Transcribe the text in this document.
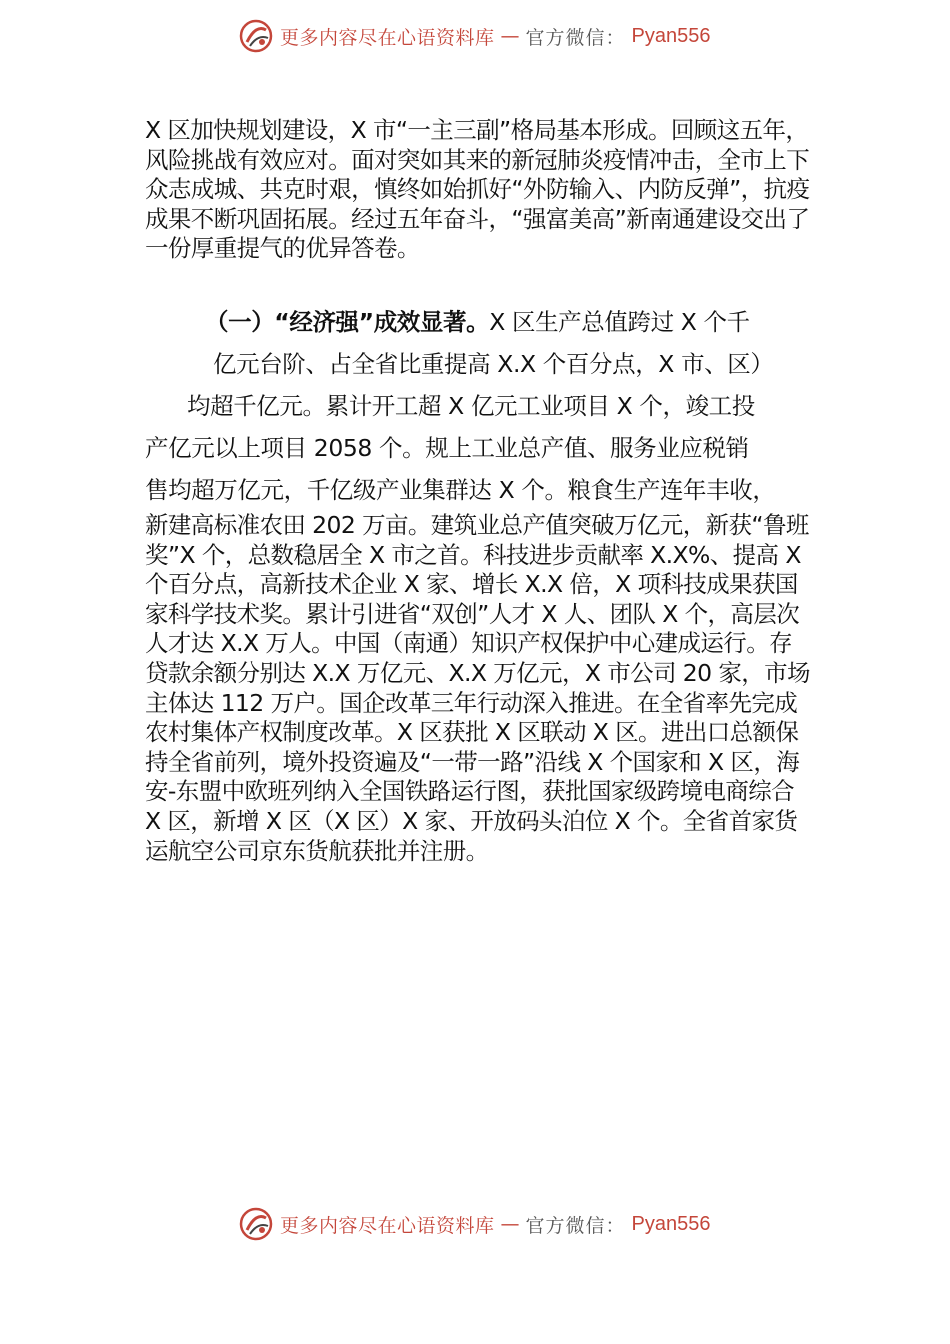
更多内容尽在心语资料库 — 官方微信： Pyan556

X 区加快规划建设，X 市“一主三副”格局基本形成。回顾这五年，风险挑战有效应对。面对突如其来的新冠肺炎疫情冲击，全市上下众志成城、共克时艰，慎终如始抓好“外防输入、内防反弹”，抗疫成果不断巩固拓展。经过五年奋斗，“强富美高”新南通建设交出了一份厚重提气的优异答卷。

（一）“经济强”成效显著。X 区生产总值跨过 X 个千
亿元台阶、占全省比重提高 X.X 个百分点，X 市、区）
均超千亿元。累计开工超 X 亿元工业项目 X 个，竣工投
产亿元以上项目 2058 个。规上工业总产值、服务业应税销
售均超万亿元，千亿级产业集群达 X 个。粮食生产连年丰收，
新建高标准农田 202 万亩。建筑业总产值突破万亿元，新获“鲁班奖”X 个，总数稳居全 X 市之首。科技进步贡献率 X.X%、提高 X 个百分点，高新技术企业 X 家、增长 X.X 倍，X 项科技成果获国家科学技术奖。累计引进省“双创”人才 X 人、团队 X 个，高层次人才达 X.X 万人。中国（南通）知识产权保护中心建成运行。存贷款余额分别达 X.X 万亿元、X.X 万亿元，X 市公司 20 家，市场主体达 112 万户。国企改革三年行动深入推进。在全省率先完成农村集体产权制度改革。X 区获批 X 区联动 X 区。进出口总额保持全省前列，境外投资遍及“一带一路”沿线 X 个国家和 X 区，海安-东盟中欧班列纳入全国铁路运行图，获批国家级跨境电商综合 X 区，新增 X 区（X 区）X 家、开放码头泊位 X 个。全省首家货运航空公司京东货航获批并注册。
更多内容尽在心语资料库 — 官方微信： Pyan556
